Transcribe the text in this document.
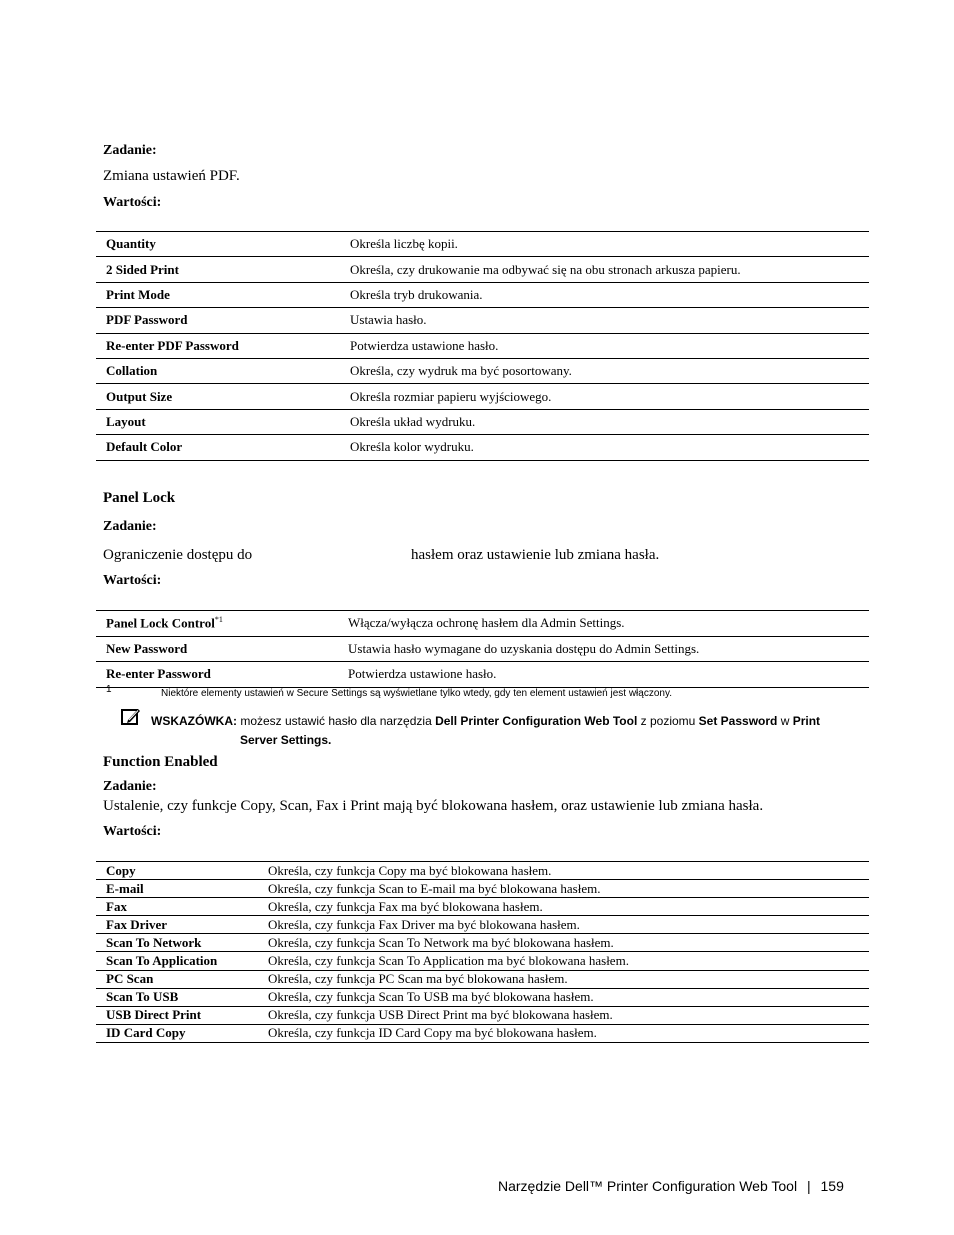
Zadanie:
Zmiana ustawień PDF.
Wartości:
Quantity	Określa liczbę kopii.
2 Sided Print	Określa, czy drukowanie ma odbywać się na obu stronach arkusza papieru.
Print Mode	Określa tryb drukowania.
PDF Password	Ustawia hasło.
Re-enter PDF Password	Potwierdza ustawione hasło.
Collation	Określa, czy wydruk ma być posortowany.
Output Size	Określa rozmiar papieru wyjściowego.
Layout	Określa układ wydruku.
Default Color	Określa kolor wydruku.
Panel Lock
Zadanie:
Ograniczenie dostępu do	hasłem oraz ustawienie lub zmiana hasła.
Wartości:
Panel Lock Control$^{*1}$	Włącza/wyłącza ochronę hasłem dla Admin Settings.
New Password	Ustawia hasło wymagane do uzyskania dostępu do Admin Settings.
Re-enter Password	Potwierdza ustawione hasło.
1	Niektóre elementy ustawień w Secure Settings są wyświetlane tylko wtedy, gdy ten element ustawień jest włączony.
WSKAZÓWKA: możesz ustawić hasło dla narzędzia Dell Printer Configuration Web Tool z poziomu Set Password w Print
Server Settings.
Function Enabled
Zadanie:
Ustalenie, czy funkcje Copy, Scan, Fax i Print mają być blokowana hasłem, oraz ustawienie lub zmiana hasła.
Wartości:
Copy	Określa, czy funkcja Copy ma być blokowana hasłem.
E-mail	Określa, czy funkcja Scan to E-mail ma być blokowana hasłem.
Fax	Określa, czy funkcja Fax ma być blokowana hasłem.
Fax Driver	Określa, czy funkcja Fax Driver ma być blokowana hasłem.
Scan To Network	Określa, czy funkcja Scan To Network ma być blokowana hasłem.
Scan To Application	Określa, czy funkcja Scan To Application ma być blokowana hasłem.
PC Scan	Określa, czy funkcja PC Scan ma być blokowana hasłem.
Scan To USB	Określa, czy funkcja Scan To USB ma być blokowana hasłem.
USB Direct Print	Określa, czy funkcja USB Direct Print ma być blokowana hasłem.
ID Card Copy	Określa, czy funkcja ID Card Copy ma być blokowana hasłem.
Narzędzie Dell™ Printer Configuration Web Tool | 159
